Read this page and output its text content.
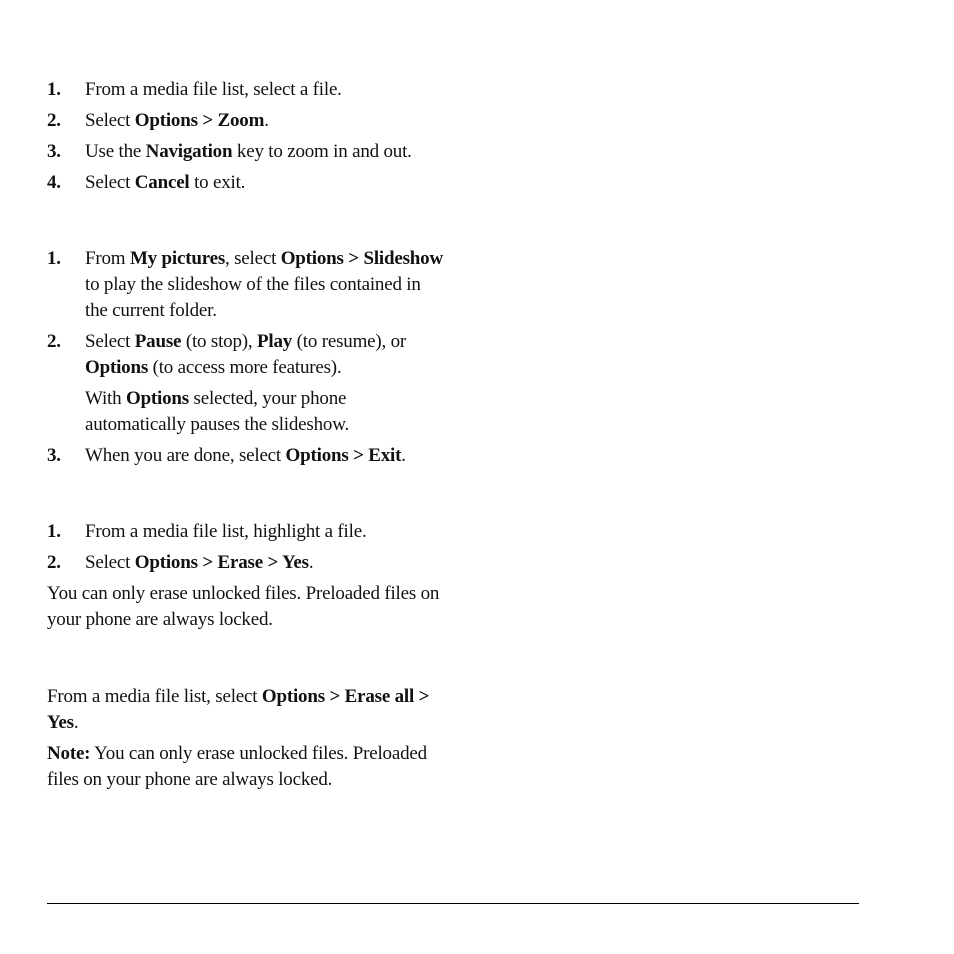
1. From a media file list, select a file.
2. Select Options > Zoom.
3. Use the Navigation key to zoom in and out.
4. Select Cancel to exit.
1. From My pictures, select Options > Slideshow to play the slideshow of the files contained in the current folder.
2. Select Pause (to stop), Play (to resume), or Options (to access more features).
With Options selected, your phone automatically pauses the slideshow.
3. When you are done, select Options > Exit.
1. From a media file list, highlight a file.
2. Select Options > Erase > Yes.
You can only erase unlocked files. Preloaded files on your phone are always locked.
From a media file list, select Options > Erase all > Yes.
Note: You can only erase unlocked files. Preloaded files on your phone are always locked.
